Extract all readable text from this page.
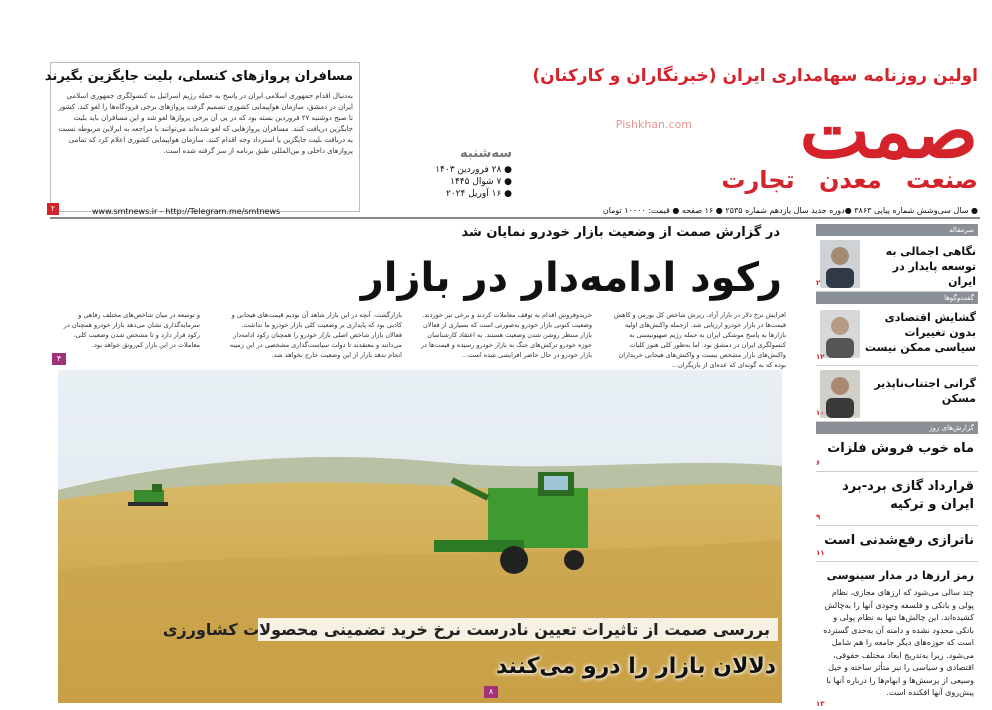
اولین روزنامه سهامداری ایران (خبرنگاران و کارکنان)
صمت
صنعت معدن تجارت
Pishkhan.com
سه‌شنبه
● ۲۸ فروردین ۱۴۰۳
● ۷ شوال ۱۴۴۵
● ۱۶ آوریل ۲۰۲۴
● سال سی‌وشش شماره پیاپی ۳۸۶۳ ●دوره جدید سال یازدهم شماره ۲۵۳۵ ● ۱۶ صفحه ● قیمت: ۱۰۰۰۰ تومان
مسافران پروازهای کنسلی، بلیت جایگزین بگیرند
به‌دنبال اقدام جمهوری اسلامی ایران در پاسخ به حمله رژیم اسرائیل به کنسولگری جمهوری اسلامی ایران در دمشق، سازمان هواپیمایی کشوری تصمیم گرفت پروازهای برخی فرودگاه‌ها را لغو کند. کشور تا صبح دوشنبه ۲۷ فروردین بسته بود که در پی آن برخی پروازها لغو شد و این مسافران باید بلیت جایگزین دریافت کنند. مسافران پروازهایی که لغو شده‌اند می‌توانند با مراجعه به ایرلاین مربوطه نسبت به دریافت بلیت جایگزین یا استرداد وجه اقدام کنند. سازمان هواپیمایی کشوری اعلام کرد که تمامی پروازهای داخلی و بین‌المللی طبق برنامه از سر گرفته شده است.
۲	www.smtnews.ir - http://Telegram.me/smtnews
در گزارش صمت از وضعیت بازار خودرو نمایان شد
رکود ادامه‌دار در بازار
افزایش نرخ دلار در بازار آزاد، ریزش شاخص کل بورس و کاهش قیمت‌ها در بازار خودرو ارزیابی شد. ازجمله واکنش‌های اولیه بازارها به پاسخ موشکی ایران به حمله رژیم صهیونیستی به کنسولگری ایران در دمشق بود. اما به‌طور کلی هنوز کلیات واکنش‌های بازار مشخص نیست و واکنش‌های هیجانی خریداران بوده که به گونه‌ای که عده‌ای از بازیگران...
خریدوفروش اقدام به توقف معاملات کردند و برخی تیر خوردند. وضعیت کنونی بازار خودرو به‌صورتی است که بسیاری از فعالان بازار منتظر روشن شدن وضعیت هستند. به اعتقاد کارشناسان حوزه خودرو ترکش‌های جنگ به بازار خودرو رسیده و قیمت‌ها در بازار خودرو در حال حاضر افزایشی شده است...
بازارگشت. آنچه در این بازار شاهد آن بودیم قیمت‌های هیجانی و کاذبی بود که پایداری بر وضعیت کلی بازار خودرو ما نداشت. فعالان بازار شاخص اصلی بازار خودرو را همچنان رکود ادامه‌دار می‌دانند و معتقدند تا دولت سیاست‌گذاری مشخصی در این زمینه انجام ندهد بازار از این وضعیت خارج نخواهد شد.
و توسعه در میان شاخص‌های مختلف رفاهی و سرمایه‌گذاری نشان می‌دهد بازار خودرو همچنان در رکود قرار دارد و تا مشخص شدن وضعیت کلی، معاملات در این بازار کم‌رونق خواهد بود.
۴
بررسی صمت از تاثیرات تعیین نادرست نرخ خرید تضمینی محصولات کشاورزی
دلالان بازار را درو می‌کنند
۸
سرمقاله
نگاهی اجمالی به توسعه پایدار در ایران
۲
گفت‌وگوها
گشایش اقتصادی بدون تغییرات سیاسی ممکن نیست
۱۲
گرانی اجتناب‌ناپذیر مسکن
۱۰
گزارش‌های روز
ماه خوب فروش فلزات
۶
قرارداد گازی برد-برد ایران و ترکیه
۹
ناترازی رفع‌شدنی است
۱۱
رمز ارزها در مدار سینوسی
چند سالی می‌شود که ارزهای مجازی، نظام پولی و بانکی و فلسفه وجودی آنها را به‌چالش کشیده‌اند. این چالش‌ها تنها به نظام پولی و بانکی محدود نشده و دامنه آن به‌حدی گسترده است که حوزه‌های دیگر جامعه را هم شامل می‌شود. زیرا به‌تدریج ابعاد مختلف حقوقی، اقتصادی و سیاسی را نیز متأثر ساخته و خیل وسیعی از پرسش‌ها و ابهام‌ها را درباره آنها با پیش‌روی آنها افکنده است.
۱۳
